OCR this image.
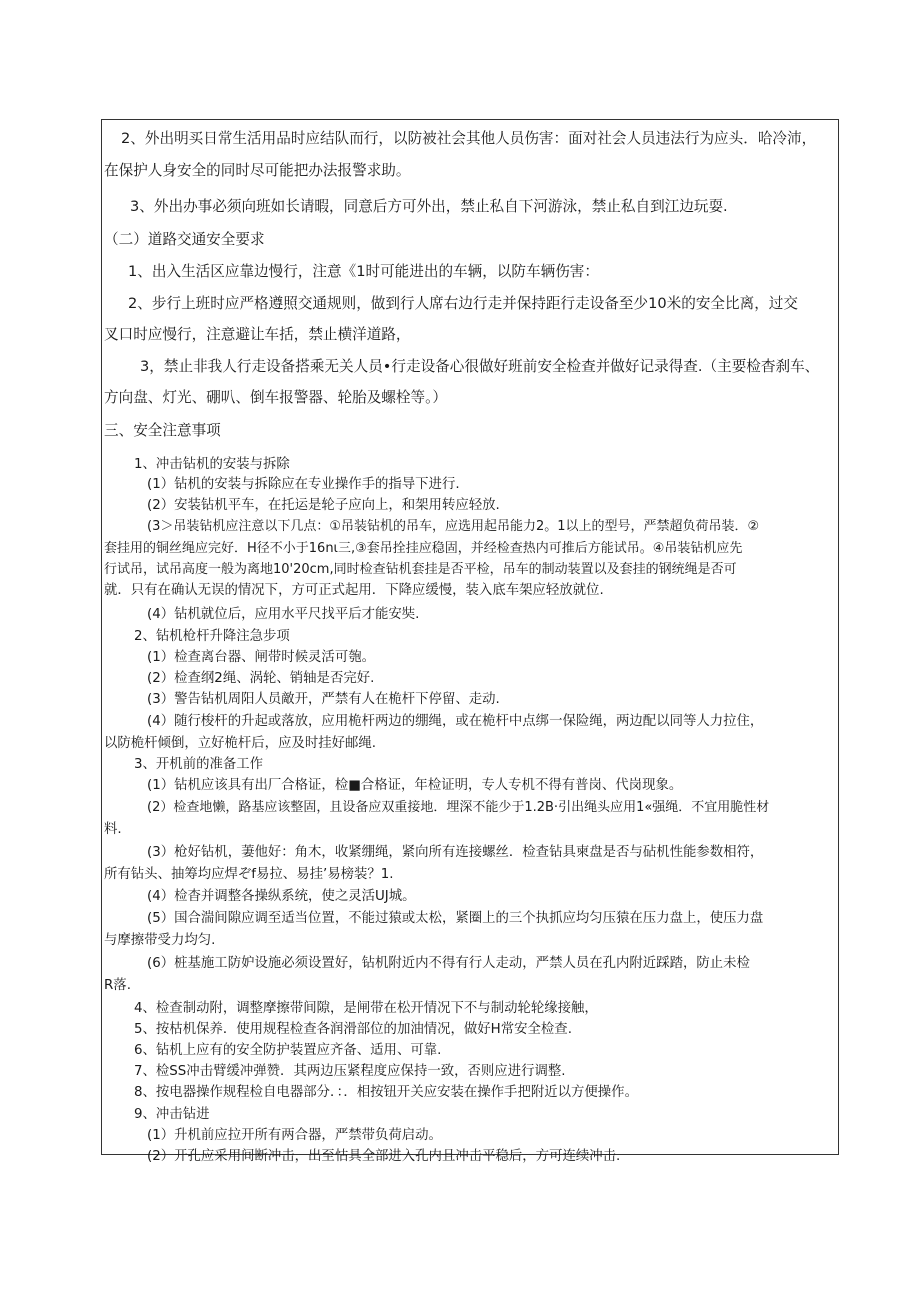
2、外出明买日常生活用品时应结队而行，以防被社会其他人员伤害：面对社会人员违法行为应头．哈冷沛，
在保护人身安全的同时尽可能把办法报警求助。
3、外出办事必须向班如长请暇，同意后方可外出，禁止私自下河游泳，禁止私自到江边玩耍.
（二）道路交通安全要求
1、出入生活区应靠边慢行，注意《1时可能进出的车辆，以防车辆伤害：
2、步行上班时应严格遵照交通规则，做到行人席右边行走并保持距行走设备至少10米的安全比离，过交
叉口时应慢行，注意避让车括，禁止横洋道路，
3，禁止非我人行走设备搭乘无关人员•行走设备心很做好班前安全检查并做好记录得查.（主要检杳刹车、
方向盘、灯光、硼叭、倒车报警器、轮胎及螺栓等。）
三、安全注意事项
1、冲击钻机的安装与拆除
(1）钻机的安装与拆除应在专业操作手的指导下进行.
(2）安装钻机平车，在托运是轮子应向上，和架用转应轻放.
(3＞吊装钻机应注意以下几点：①吊装钻机的吊车，应选用起吊能力2。1以上的型号，严禁超负荷吊装．②
套挂用的铜丝绳应完好．H径不小于16nι三,③套吊拴挂应稳固，并经检查热内可推后方能试吊。④吊装钻机应先
行试吊，试吊高度一般为离地10'20cm,同时检查钻机套挂是否平检，吊车的制动装置以及套挂的钢统绳是否可
就．只有在确认无误的情况下，方可正式起用．下降应缓慢，装入底车架应轻放就位.
(4）钻机就位后，应用水平尺找平后才能安奘.
2、钻机枪杆升降注急步项
(1）检查离台器、闸带时候灵活可匏。
(2）检查纲2绳、涡轮、销轴是否完好.
(3）警告钻机周阳人员敵开，严禁有人在桅杆下停留、走动.
(4）随行梭杆的升起或落放，应用桅杆两边的绷绳，或在桅杆中点绑一保险绳，两边配以同等人力拉住，
以防桅杆倾倒，立好桅杆后，应及时挂好邮绳.
3、开机前的准备工作
(1）钻机应该具有出厂合格证，检■合格证，年检证明，专人专机不得有普岗、代岗现象。
(2）检查地懒，路基应该整固，且设备应双重接地．埋深不能少于1.2Β·引出绳头应用1«强绳．不宜用脆性材
料.
(3）枪好钻机，萋他好：角木，收紧绷绳，紧向所有连接螺丝．检查钻具柬盘是否与砧机性能参数相符，
所有钻头、抽筹均应焊ぞf易拉、易挂’易榜装？1.
(4）检杳并调整各操纵系统，使之灵活UJ城。
(5）国合湍间隙应调至适当位置，不能过猿或太松，紧圈上的三个执抓应均匀压猿在压力盘上，使压力盘
与摩擦带受力均匀.
(6）桩基施工防妒设施必须设置好，钻机附近内不得有行人走动，严禁人员在孔内附近踩踏，防止未检
R落.
4、检查制动附，调整摩擦带间隙，是闸带在松开情况下不与制动轮轮缘接触，
5、按枯机保养．使用规程检查各润滑部位的加油情况，做好H常安全检查.
6、钻机上应有的安全防护装置应齐备、适用、可靠.
7、检SS冲击臂缓冲弹赞．其两边压紧程度应保持一致，否则应进行调整.
8、按电器操作规程检自电器部分．：．相按钮开关应安装在操作手把附近以方便操作。
9、冲击钻进
(1）升机前应拉开所有两合器，严禁带负荷启动。
(2）开孔应采用间断冲击，出至怙具全部进入孔内且冲击平稳后，方可连续冲击.
